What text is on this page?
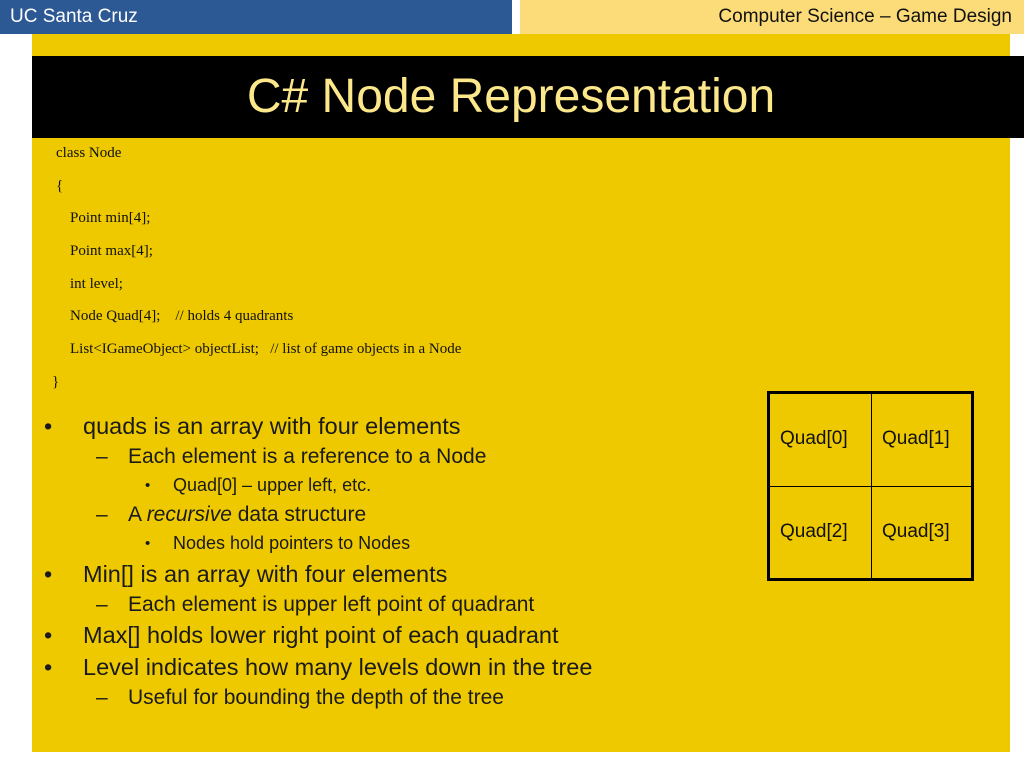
UC Santa Cruz	Computer Science – Game Design
C# Node Representation
class Node
{
Point min[4];
Point max[4];
int level;
Node Quad[4];    // holds 4 quadrants
List<IGameObject> objectList;   // list of game objects in a Node
}
• quads is an array with four elements
– Each element is a reference to a Node
• Quad[0] – upper left, etc.
– A recursive data structure
• Nodes hold pointers to Nodes
• Min[] is an array with four elements
– Each element is upper left point of quadrant
• Max[] holds lower right point of each quadrant
• Level indicates how many levels down in the tree
– Useful for bounding the depth of the tree
Quad[0]	Quad[1]
Quad[2]	Quad[3]
